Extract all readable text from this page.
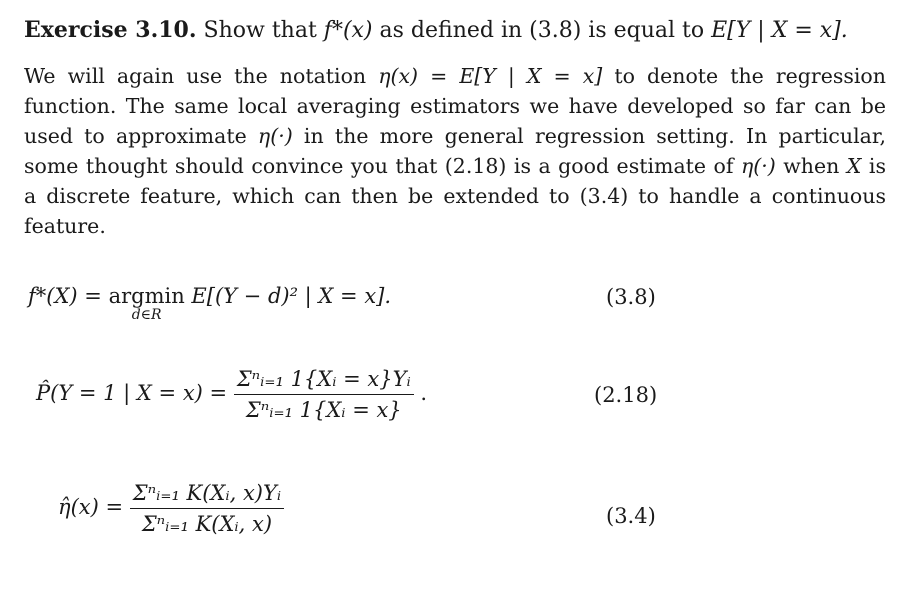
Exercise 3.10. Show that f*(x) as defined in (3.8) is equal to E[Y | X = x].
We will again use the notation η(x) = E[Y | X = x] to denote the regression function. The same local averaging estimators we have developed so far can be used to approximate η(·) in the more general regression setting. In particular, some thought should convince you that (2.18) is a good estimate of η(·) when X is a discrete feature, which can then be extended to (3.4) to handle a continuous feature.
f*(X) = argmin
d∈R
E[(Y − d)² | X = x].	(3.8)
P̂(Y = 1 | $X = x) = \frac{\text{Σⁿᵢ₌₁ 1\{Xᵢ = x\}Yᵢ}}{\text{Σⁿᵢ₌₁ 1\{Xᵢ = x\}}}$ .	(2.18)
η̂(x) = $\frac{\text{Σⁿᵢ₌₁ K(Xᵢ, x)Yᵢ}}{\text{Σⁿᵢ₌₁ K(Xᵢ, x)}}$	(3.4)
